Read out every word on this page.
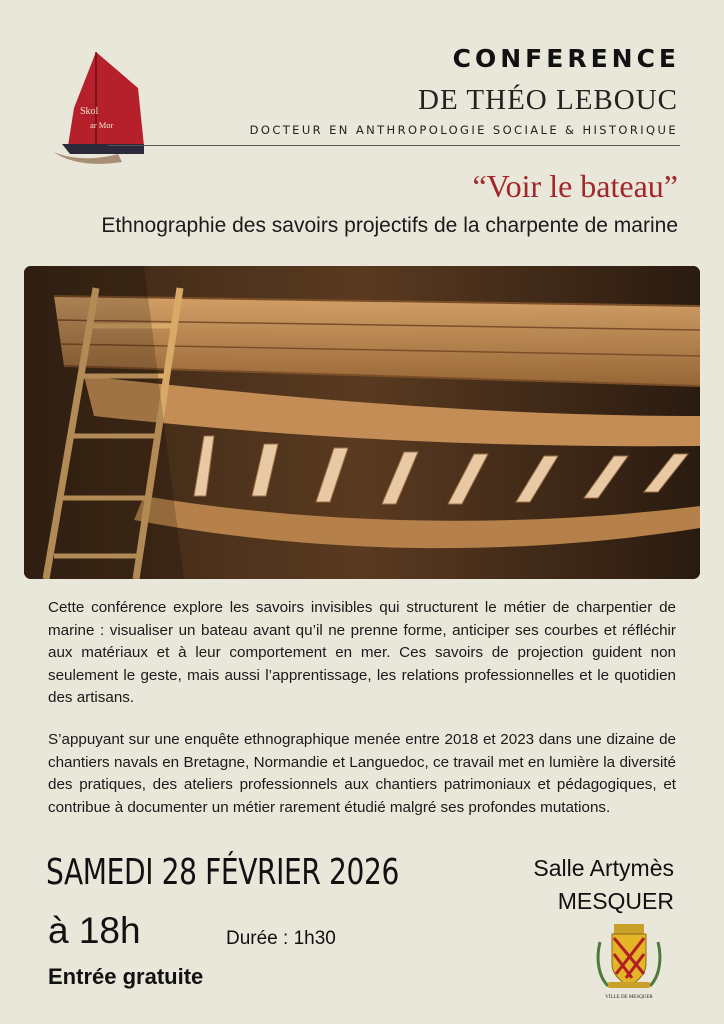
Skol
ar Mor
CONFERENCE
DE THÉO LEBOUC
DOCTEUR EN ANTHROPOLOGIE SOCIALE & HISTORIQUE
“Voir le bateau”
Ethnographie des savoirs projectifs de la charpente de marine
Cette conférence explore les savoirs invisibles qui structurent le métier de charpentier de marine : visualiser un bateau avant qu’il ne prenne forme, anticiper ses courbes et réfléchir aux matériaux et à leur comportement en mer. Ces savoirs de projection guident non seulement le geste, mais aussi l’apprentissage, les relations professionnelles et le quotidien des artisans.
S’appuyant sur une enquête ethnographique menée entre 2018 et 2023 dans une dizaine de chantiers navals en Bretagne, Normandie et Languedoc, ce travail met en lumière la diversité des pratiques, des ateliers professionnels aux chantiers patrimoniaux et pédagogiques, et contribue à documenter un métier rarement étudié malgré ses profondes mutations.
SAMEDI 28 FÉVRIER 2026
à 18h	Durée : 1h30
Entrée gratuite
Salle Artymès
MESQUER
VILLE DE MESQUER
